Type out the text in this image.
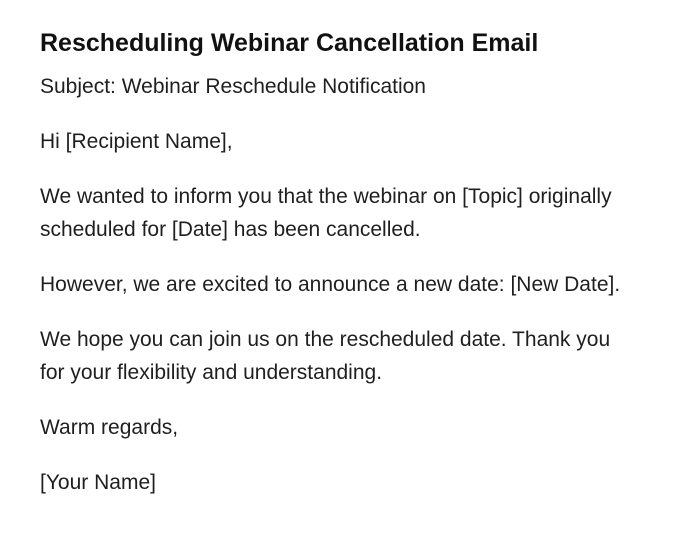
Rescheduling Webinar Cancellation Email

Subject: Webinar Reschedule Notification

Hi [Recipient Name],

We wanted to inform you that the webinar on [Topic] originally scheduled for [Date] has been cancelled.

However, we are excited to announce a new date: [New Date].

We hope you can join us on the rescheduled date. Thank you for your flexibility and understanding.

Warm regards,

[Your Name]
